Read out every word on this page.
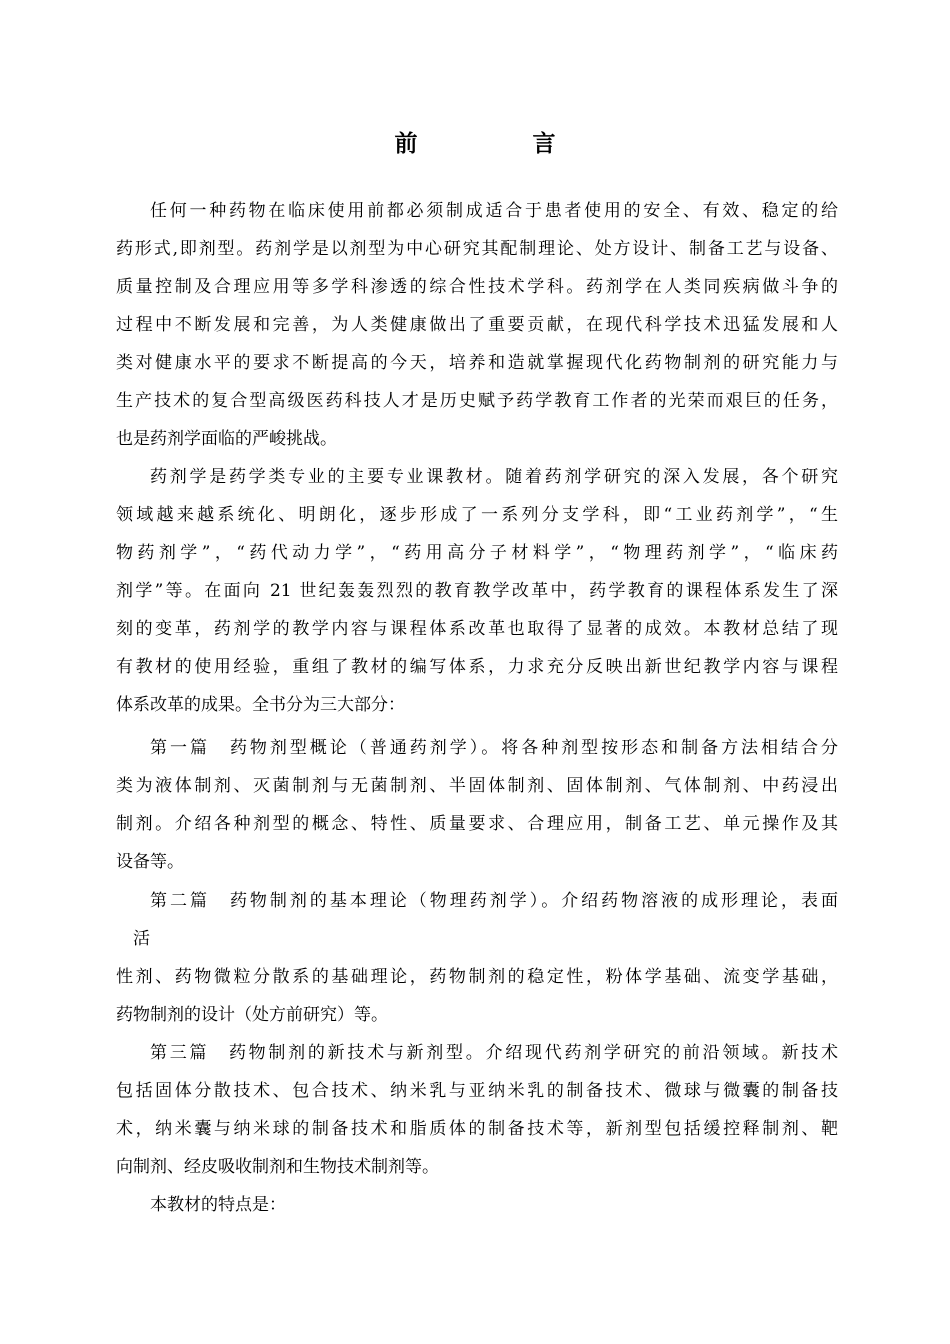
前　言
任何一种药物在临床使用前都必须制成适合于患者使用的安全、有效、稳定的给
药形式,即剂型。药剂学是以剂型为中心研究其配制理论、处方设计、制备工艺与设备、
质量控制及合理应用等多学科渗透的综合性技术学科。药剂学在人类同疾病做斗争的
过程中不断发展和完善，为人类健康做出了重要贡献，在现代科学技术迅猛发展和人
类对健康水平的要求不断提高的今天，培养和造就掌握现代化药物制剂的研究能力与
生产技术的复合型高级医药科技人才是历史赋予药学教育工作者的光荣而艰巨的任务，
也是药剂学面临的严峻挑战。
药剂学是药学类专业的主要专业课教材。随着药剂学研究的深入发展，各个研究
领域越来越系统化、明朗化，逐步形成了一系列分支学科，即“工业药剂学”，“生
物药剂学”，“药代动力学”，“药用高分子材料学”，“物理药剂学”，“临床药
剂学”等。在面向 21 世纪轰轰烈烈的教育教学改革中，药学教育的课程体系发生了深
刻的变革，药剂学的教学内容与课程体系改革也取得了显著的成效。本教材总结了现
有教材的使用经验，重组了教材的编写体系，力求充分反映出新世纪教学内容与课程
体系改革的成果。全书分为三大部分：
第一篇　药物剂型概论（普通药剂学）。将各种剂型按形态和制备方法相结合分
类为液体制剂、灭菌制剂与无菌制剂、半固体制剂、固体制剂、气体制剂、中药浸出
制剂。介绍各种剂型的概念、特性、质量要求、合理应用，制备工艺、单元操作及其
设备等。
第二篇　药物制剂的基本理论（物理药剂学）。介绍药物溶液的成形理论，表面
活
性剂、药物微粒分散系的基础理论，药物制剂的稳定性，粉体学基础、流变学基础，
药物制剂的设计（处方前研究）等。
第三篇　药物制剂的新技术与新剂型。介绍现代药剂学研究的前沿领域。新技术
包括固体分散技术、包合技术、纳米乳与亚纳米乳的制备技术、微球与微囊的制备技
术，纳米囊与纳米球的制备技术和脂质体的制备技术等，新剂型包括缓控释制剂、靶
向制剂、经皮吸收制剂和生物技术制剂等。
本教材的特点是：
